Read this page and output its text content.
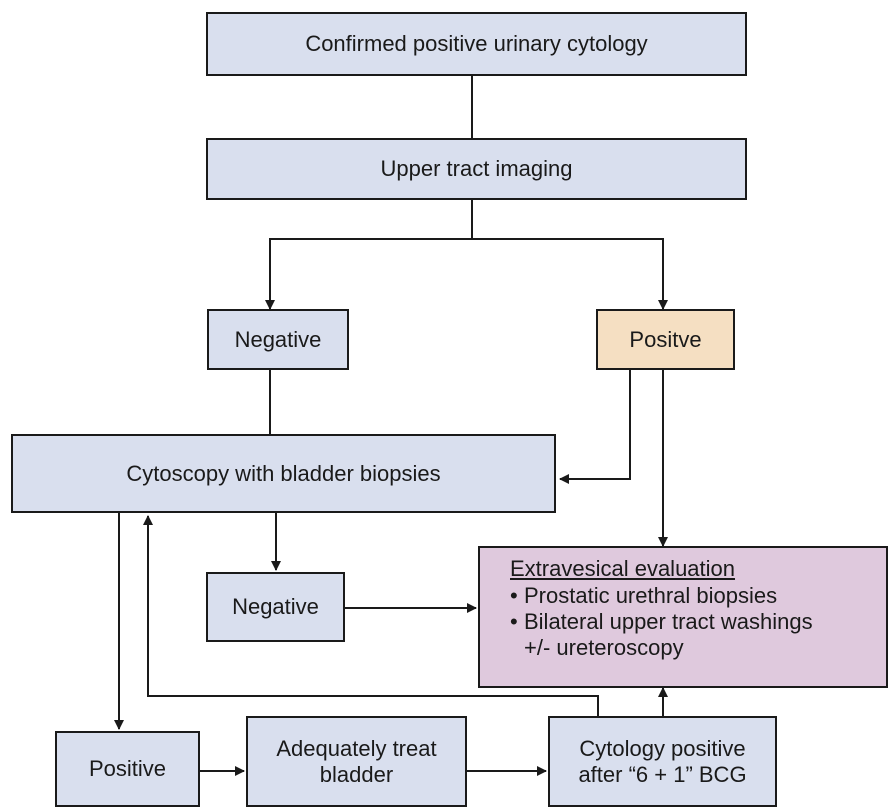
Confirmed positive urinary cytology
Upper tract imaging
Negative	Positve
Cytoscopy with bladder biopsies
Negative
Extravesical evaluation
• Prostatic urethral biopsies
• Bilateral upper tract washings
+/- ureteroscopy
Positive
Adequately treat
bladder
Cytology positive
after “6 + 1” BCG
